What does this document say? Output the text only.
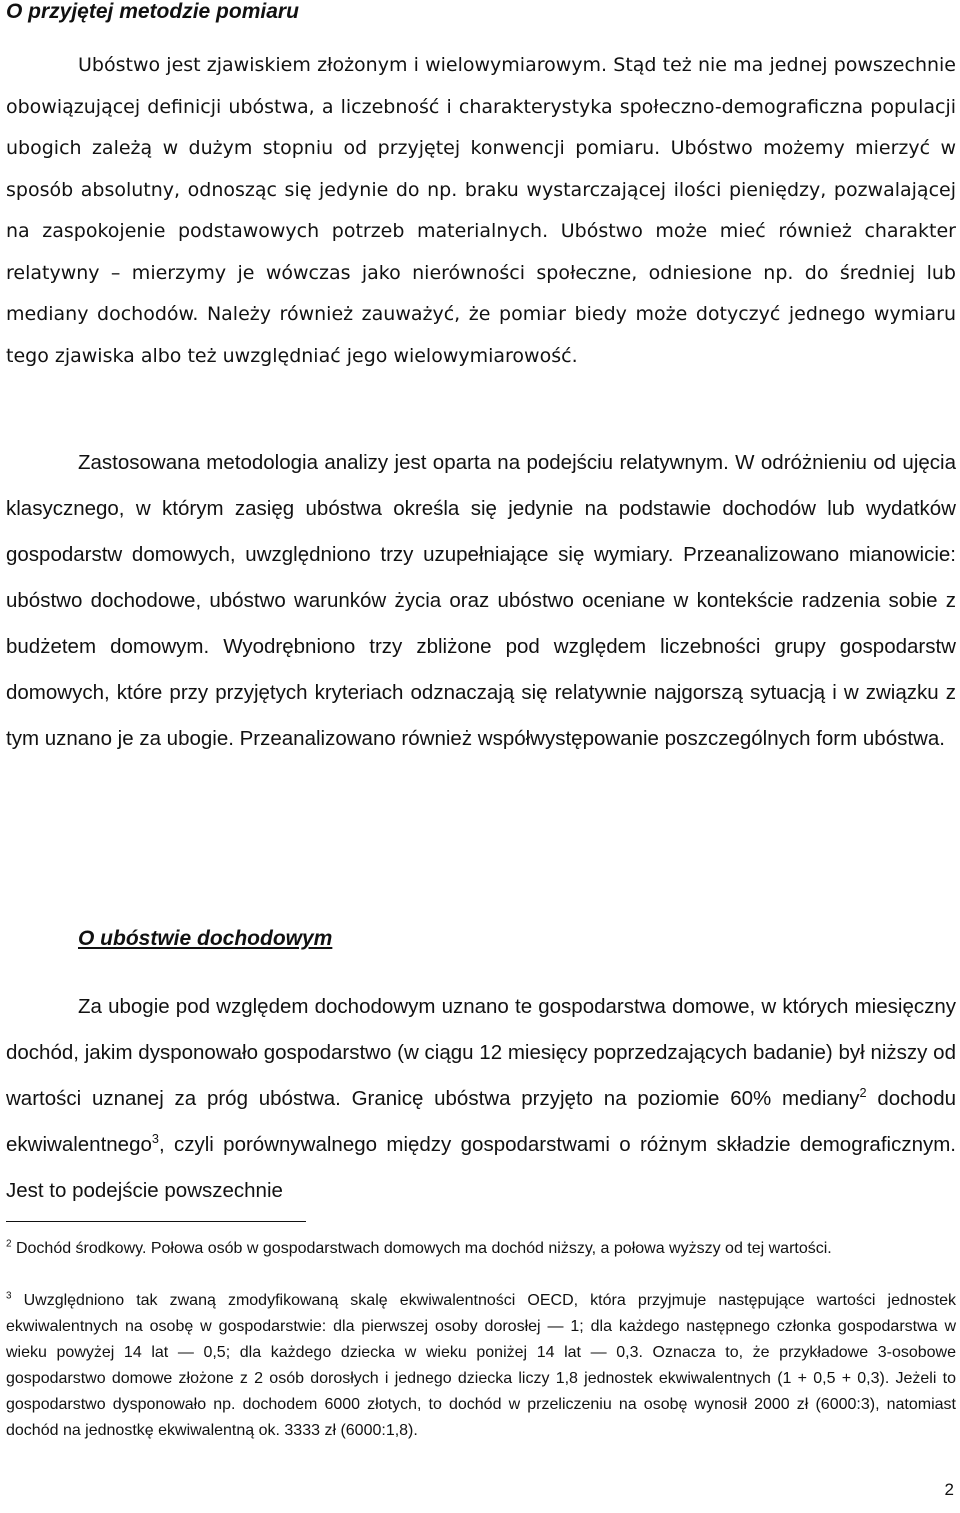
O przyjętej metodzie pomiaru
Ubóstwo jest zjawiskiem złożonym i wielowymiarowym. Stąd też nie ma jednej powszechnie obowiązującej definicji ubóstwa, a liczebność i charakterystyka społeczno-demograficzna populacji ubogich zależą w dużym stopniu od przyjętej konwencji pomiaru. Ubóstwo możemy mierzyć w sposób absolutny, odnosząc się jedynie do np. braku wystarczającej ilości pieniędzy, pozwalającej na zaspokojenie podstawowych potrzeb materialnych. Ubóstwo może mieć również charakter relatywny – mierzymy je wówczas jako nierówności społeczne, odniesione np. do średniej lub mediany dochodów. Należy również zauważyć, że pomiar biedy może dotyczyć jednego wymiaru tego zjawiska albo też uwzględniać jego wielowymiarowość.
Zastosowana metodologia analizy jest oparta na podejściu relatywnym. W odróżnieniu od ujęcia klasycznego, w którym zasięg ubóstwa określa się jedynie na podstawie dochodów lub wydatków gospodarstw domowych, uwzględniono trzy uzupełniające się wymiary. Przeanalizowano mianowicie: ubóstwo dochodowe, ubóstwo warunków życia oraz ubóstwo oceniane w kontekście radzenia sobie z budżetem domowym. Wyodrębniono trzy zbliżone pod względem liczebności grupy gospodarstw domowych, które przy przyjętych kryteriach odznaczają się relatywnie najgorszą sytuacją i w związku z tym uznano je za ubogie. Przeanalizowano również współwystępowanie poszczególnych form ubóstwa.
O ubóstwie dochodowym
Za ubogie pod względem dochodowym uznano te gospodarstwa domowe, w których miesięczny dochód, jakim dysponowało gospodarstwo (w ciągu 12 miesięcy poprzedzających badanie) był niższy od wartości uznanej za próg ubóstwa. Granicę ubóstwa przyjęto na poziomie 60% mediany$^2$ dochodu ekwiwalentnego$^3$, czyli porównywalnego między gospodarstwami o różnym składzie demograficznym. Jest to podejście powszechnie
$^2$ Dochód środkowy. Połowa osób w gospodarstwach domowych ma dochód niższy, a połowa wyższy od tej wartości.
$^3$ Uwzględniono tak zwaną zmodyfikowaną skalę ekwiwalentności OECD, która przyjmuje następujące wartości jednostek ekwiwalentnych na osobę w gospodarstwie: dla pierwszej osoby dorosłej — 1; dla każdego następnego członka gospodarstwa w wieku powyżej 14 lat — 0,5; dla każdego dziecka w wieku poniżej 14 lat — 0,3. Oznacza to, że przykładowe 3-osobowe gospodarstwo domowe złożone z 2 osób dorosłych i jednego dziecka liczy 1,8 jednostek ekwiwalentnych (1 + 0,5 + 0,3). Jeżeli to gospodarstwo dysponowało np. dochodem 6000 złotych, to dochód w przeliczeniu na osobę wynosił 2000 zł (6000:3), natomiast dochód na jednostkę ekwiwalentną ok. 3333 zł (6000:1,8).
2
